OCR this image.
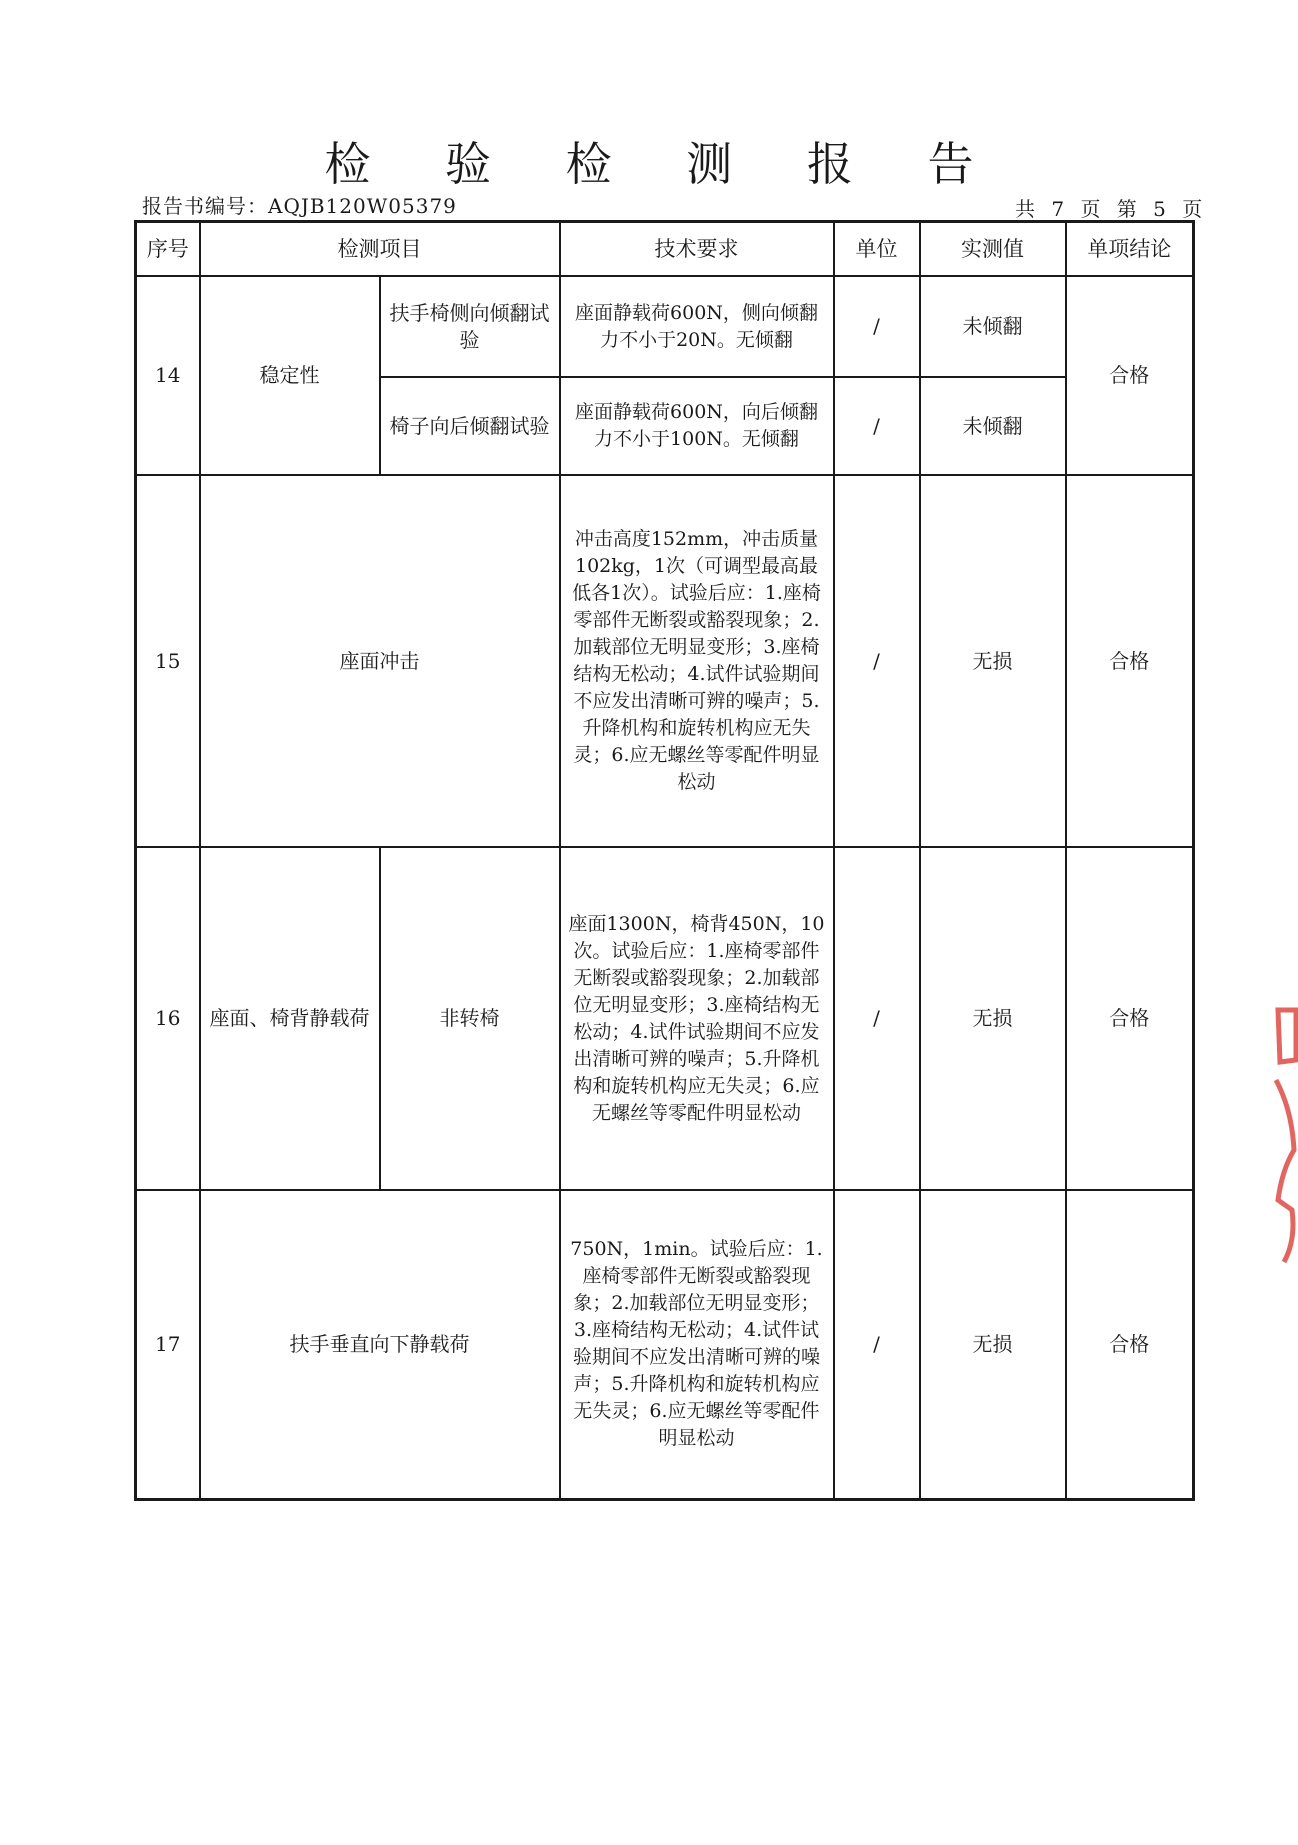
检 验 检 测 报 告
报告书编号：AQJB120W05379	共 7 页 第 5 页
序号	检测项目		技术要求	单位	实测值	单项结论
14	稳定性	扶手椅侧向倾翻试验	座面静载荷600N，侧向倾翻力不小于20N。无倾翻	/	未倾翻	合格
		椅子向后倾翻试验	座面静载荷600N，向后倾翻力不小于100N。无倾翻	/	未倾翻	
15	座面冲击		冲击高度152mm，冲击质量102kg，1次（可调型最高最低各1次）。试验后应：1.座椅零部件无断裂或豁裂现象；2.加载部位无明显变形；3.座椅结构无松动；4.试件试验期间不应发出清晰可辨的噪声；5.升降机构和旋转机构应无失灵；6.应无螺丝等零配件明显松动	/	无损	合格
16	座面、椅背静载荷	非转椅	座面1300N，椅背450N，10次。试验后应：1.座椅零部件无断裂或豁裂现象；2.加载部位无明显变形；3.座椅结构无松动；4.试件试验期间不应发出清晰可辨的噪声；5.升降机构和旋转机构应无失灵；6.应无螺丝等零配件明显松动	/	无损	合格
17	扶手垂直向下静载荷		750N，1min。试验后应：1.座椅零部件无断裂或豁裂现象；2.加载部位无明显变形；3.座椅结构无松动；4.试件试验期间不应发出清晰可辨的噪声；5.升降机构和旋转机构应无失灵；6.应无螺丝等零配件明显松动	/	无损	合格
